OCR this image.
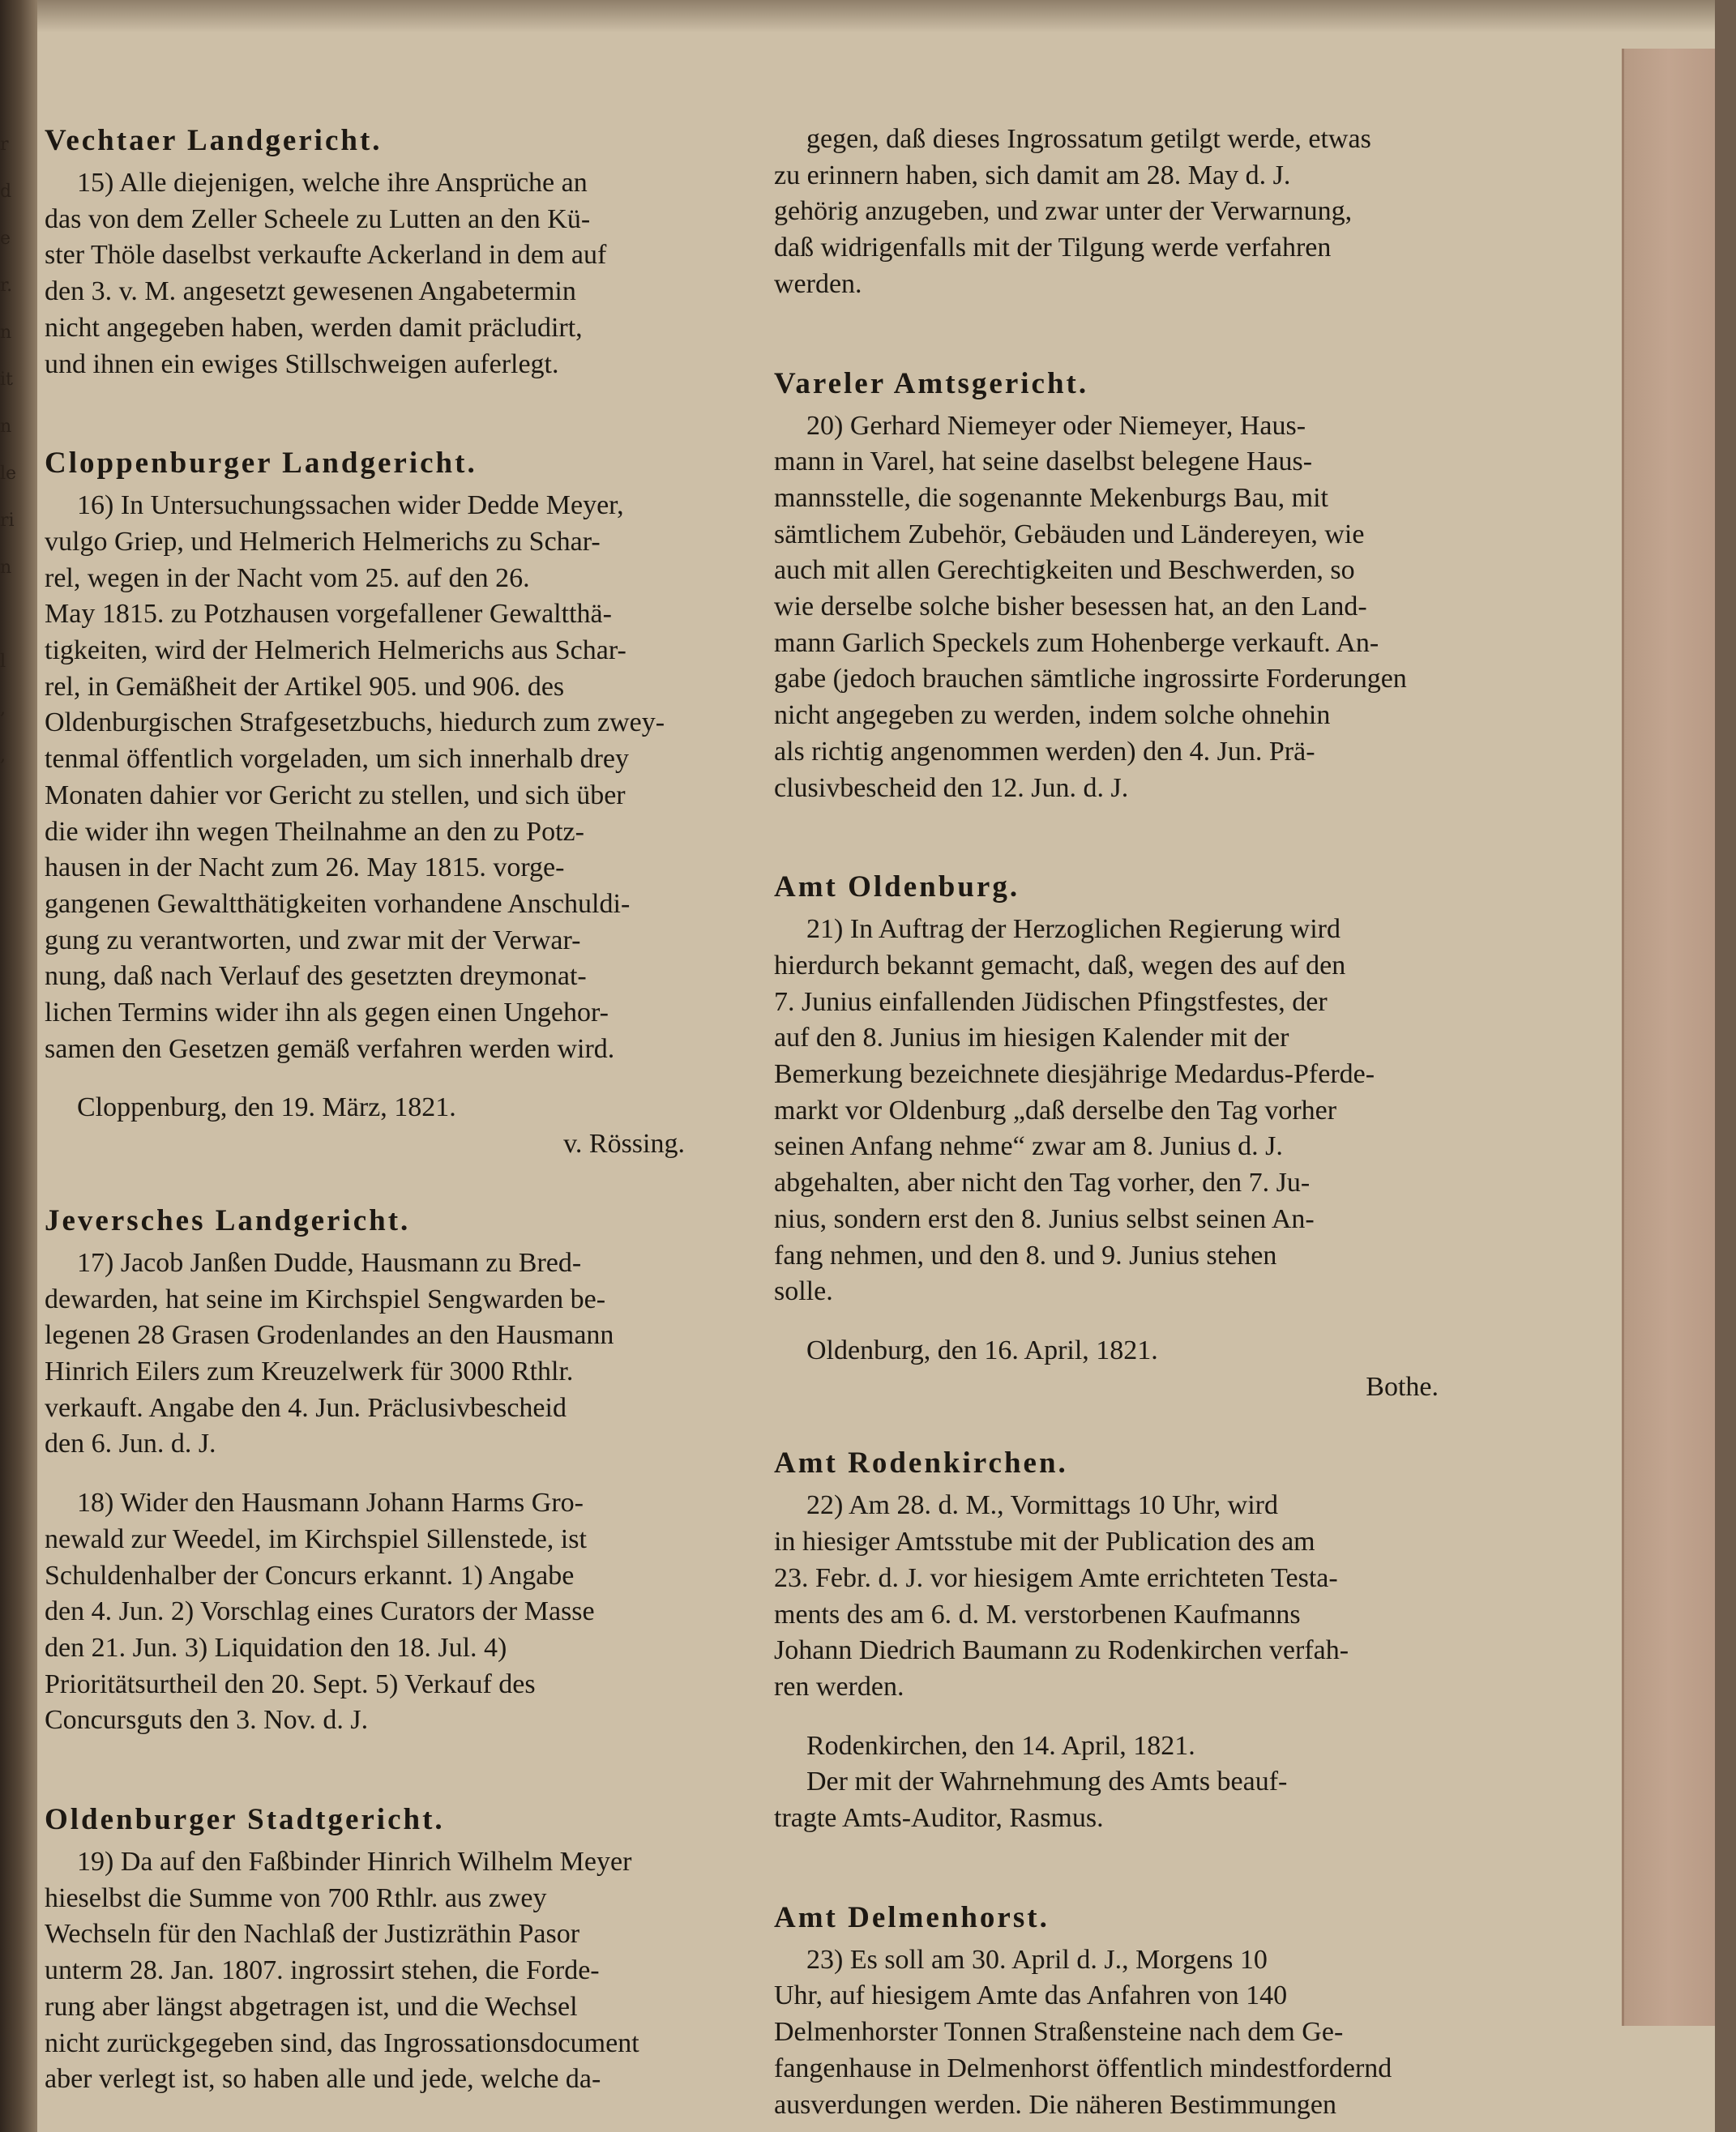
r
d
e
r.
n
it
n
le
ri
n

l
,
,
Vechtaer Landgericht.
15) Alle diejenigen, welche ihre Ansprüche an
das von dem Zeller Scheele zu Lutten an den Kü-
ster Thöle daselbst verkaufte Ackerland in dem auf
den 3. v. M. angesetzt gewesenen Angabetermin
nicht angegeben haben, werden damit präcludirt,
und ihnen ein ewiges Stillschweigen auferlegt.
Cloppenburger Landgericht.
16) In Untersuchungssachen wider Dedde Meyer,
vulgo Griep, und Helmerich Helmerichs zu Schar-
rel, wegen in der Nacht vom 25. auf den 26.
May 1815. zu Potzhausen vorgefallener Gewaltthä-
tigkeiten, wird der Helmerich Helmerichs aus Schar-
rel, in Gemäßheit der Artikel 905. und 906. des
Oldenburgischen Strafgesetzbuchs, hiedurch zum zwey-
tenmal öffentlich vorgeladen, um sich innerhalb drey
Monaten dahier vor Gericht zu stellen, und sich über
die wider ihn wegen Theilnahme an den zu Potz-
hausen in der Nacht zum 26. May 1815. vorge-
gangenen Gewaltthätigkeiten vorhandene Anschuldi-
gung zu verantworten, und zwar mit der Verwar-
nung, daß nach Verlauf des gesetzten dreymonat-
lichen Termins wider ihn als gegen einen Ungehor-
samen den Gesetzen gemäß verfahren werden wird.
Cloppenburg, den 19. März, 1821.
v. Rössing.
Jeversches Landgericht.
17) Jacob Janßen Dudde, Hausmann zu Bred-
dewarden, hat seine im Kirchspiel Sengwarden be-
legenen 28 Grasen Grodenlandes an den Hausmann
Hinrich Eilers zum Kreuzelwerk für 3000 Rthlr.
verkauft. Angabe den 4. Jun. Präclusivbescheid
den 6. Jun. d. J.
18) Wider den Hausmann Johann Harms Gro-
newald zur Weedel, im Kirchspiel Sillenstede, ist
Schuldenhalber der Concurs erkannt. 1) Angabe
den 4. Jun. 2) Vorschlag eines Curators der Masse
den 21. Jun. 3) Liquidation den 18. Jul. 4)
Prioritätsurtheil den 20. Sept. 5) Verkauf des
Concursguts den 3. Nov. d. J.
Oldenburger Stadtgericht.
19) Da auf den Faßbinder Hinrich Wilhelm Meyer
hieselbst die Summe von 700 Rthlr. aus zwey
Wechseln für den Nachlaß der Justizräthin Pasor
unterm 28. Jan. 1807. ingrossirt stehen, die Forde-
rung aber längst abgetragen ist, und die Wechsel
nicht zurückgegeben sind, das Ingrossationsdocument
aber verlegt ist, so haben alle und jede, welche da-
gegen, daß dieses Ingrossatum getilgt werde, etwas
zu erinnern haben, sich damit am 28. May d. J.
gehörig anzugeben, und zwar unter der Verwarnung,
daß widrigenfalls mit der Tilgung werde verfahren
werden.
Vareler Amtsgericht.
20) Gerhard Niemeyer oder Niemeyer, Haus-
mann in Varel, hat seine daselbst belegene Haus-
mannsstelle, die sogenannte Mekenburgs Bau, mit
sämtlichem Zubehör, Gebäuden und Ländereyen, wie
auch mit allen Gerechtigkeiten und Beschwerden, so
wie derselbe solche bisher besessen hat, an den Land-
mann Garlich Speckels zum Hohenberge verkauft. An-
gabe (jedoch brauchen sämtliche ingrossirte Forderungen
nicht angegeben zu werden, indem solche ohnehin
als richtig angenommen werden) den 4. Jun. Prä-
clusivbescheid den 12. Jun. d. J.
Amt Oldenburg.
21) In Auftrag der Herzoglichen Regierung wird
hierdurch bekannt gemacht, daß, wegen des auf den
7. Junius einfallenden Jüdischen Pfingstfestes, der
auf den 8. Junius im hiesigen Kalender mit der
Bemerkung bezeichnete diesjährige Medardus-Pferde-
markt vor Oldenburg „daß derselbe den Tag vorher
seinen Anfang nehme“ zwar am 8. Junius d. J.
abgehalten, aber nicht den Tag vorher, den 7. Ju-
nius, sondern erst den 8. Junius selbst seinen An-
fang nehmen, und den 8. und 9. Junius stehen
solle.
Oldenburg, den 16. April, 1821.
Bothe.
Amt Rodenkirchen.
22) Am 28. d. M., Vormittags 10 Uhr, wird
in hiesiger Amtsstube mit der Publication des am
23. Febr. d. J. vor hiesigem Amte errichteten Testa-
ments des am 6. d. M. verstorbenen Kaufmanns
Johann Diedrich Baumann zu Rodenkirchen verfah-
ren werden.
Rodenkirchen, den 14. April, 1821.
Der mit der Wahrnehmung des Amts beauf-
tragte Amts-Auditor, Rasmus.
Amt Delmenhorst.
23) Es soll am 30. April d. J., Morgens 10
Uhr, auf hiesigem Amte das Anfahren von 140
Delmenhorster Tonnen Straßensteine nach dem Ge-
fangenhause in Delmenhorst öffentlich mindestfordernd
ausverdungen werden. Die näheren Bestimmungen
